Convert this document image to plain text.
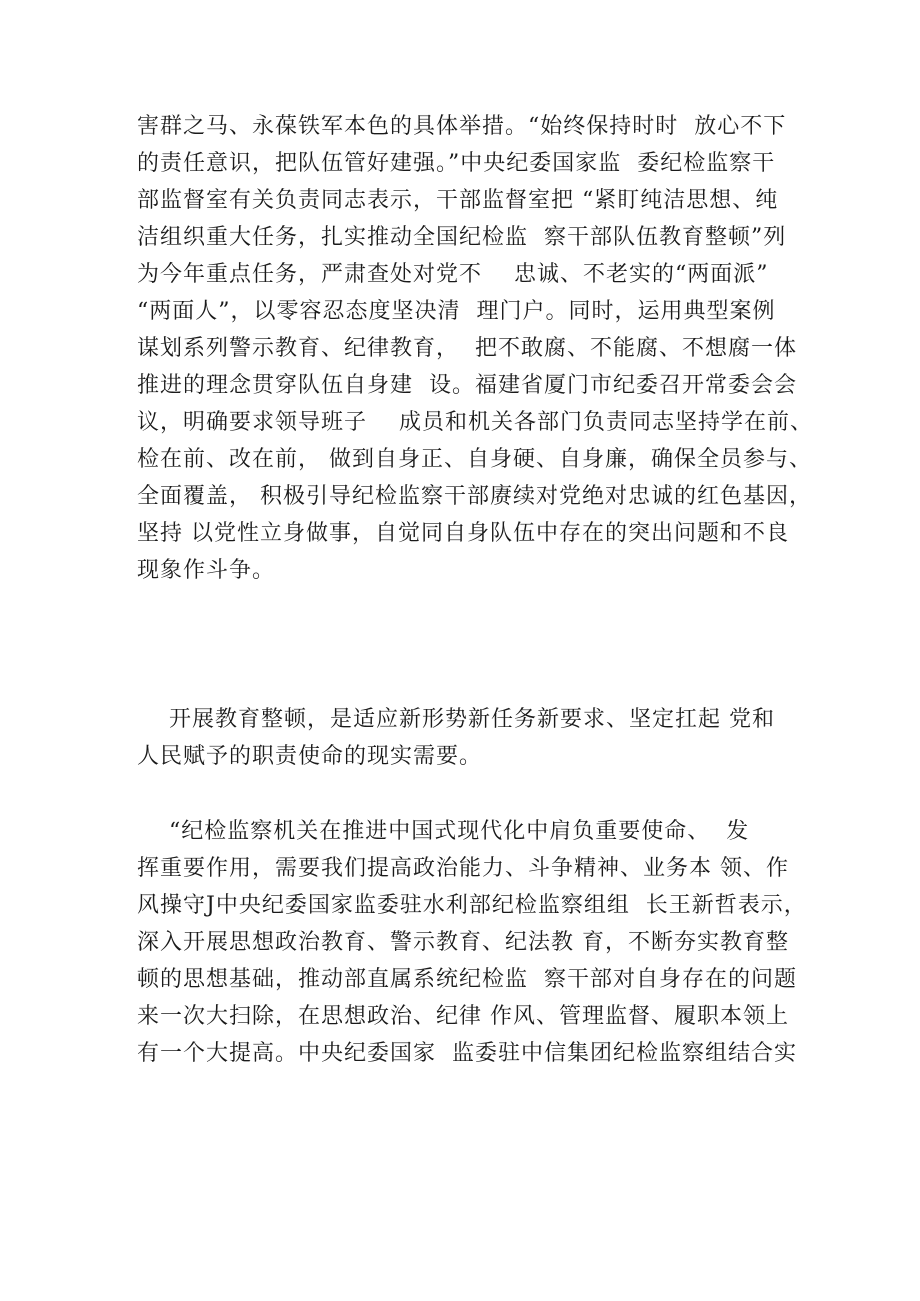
害群之马、永葆铁军本色的具体举措。“始终保持时时  放心不下
的责任意识，把队伍管好建强。”中央纪委国家监  委纪检监察干
部监督室有关负责同志表示，干部监督室把 “紧盯纯洁思想、纯
洁组织重大任务，扎实推动全国纪检监  察干部队伍教育整顿”列
为今年重点任务，严肃查处对党不    忠诚、不老实的“两面派”
“两面人”，以零容忍态度坚决清  理门户。同时，运用典型案例
谋划系列警示教育、纪律教育，  把不敢腐、不能腐、不想腐一体
推进的理念贯穿队伍自身建  设。福建省厦门市纪委召开常委会会
议，明确要求领导班子    成员和机关各部门负责同志坚持学在前、
检在前、改在前， 做到自身正、自身硬、自身廉，确保全员参与、
全面覆盖， 积极引导纪检监察干部赓续对党绝对忠诚的红色基因，
坚持 以党性立身做事，自觉同自身队伍中存在的突出问题和不良
现象作斗争。
开展教育整顿，是适应新形势新任务新要求、坚定扛起 党和
人民赋予的职责使命的现实需要。
“纪检监察机关在推进中国式现代化中肩负重要使命、  发
挥重要作用，需要我们提高政治能力、斗争精神、业务本 领、作
风操守J中央纪委国家监委驻水利部纪检监察组组  长王新哲表示，
深入开展思想政治教育、警示教育、纪法教 育，不断夯实教育整
顿的思想基础，推动部直属系统纪检监  察干部对自身存在的问题
来一次大扫除，在思想政治、纪律 作风、管理监督、履职本领上
有一个大提高。中央纪委国家  监委驻中信集团纪检监察组结合实
